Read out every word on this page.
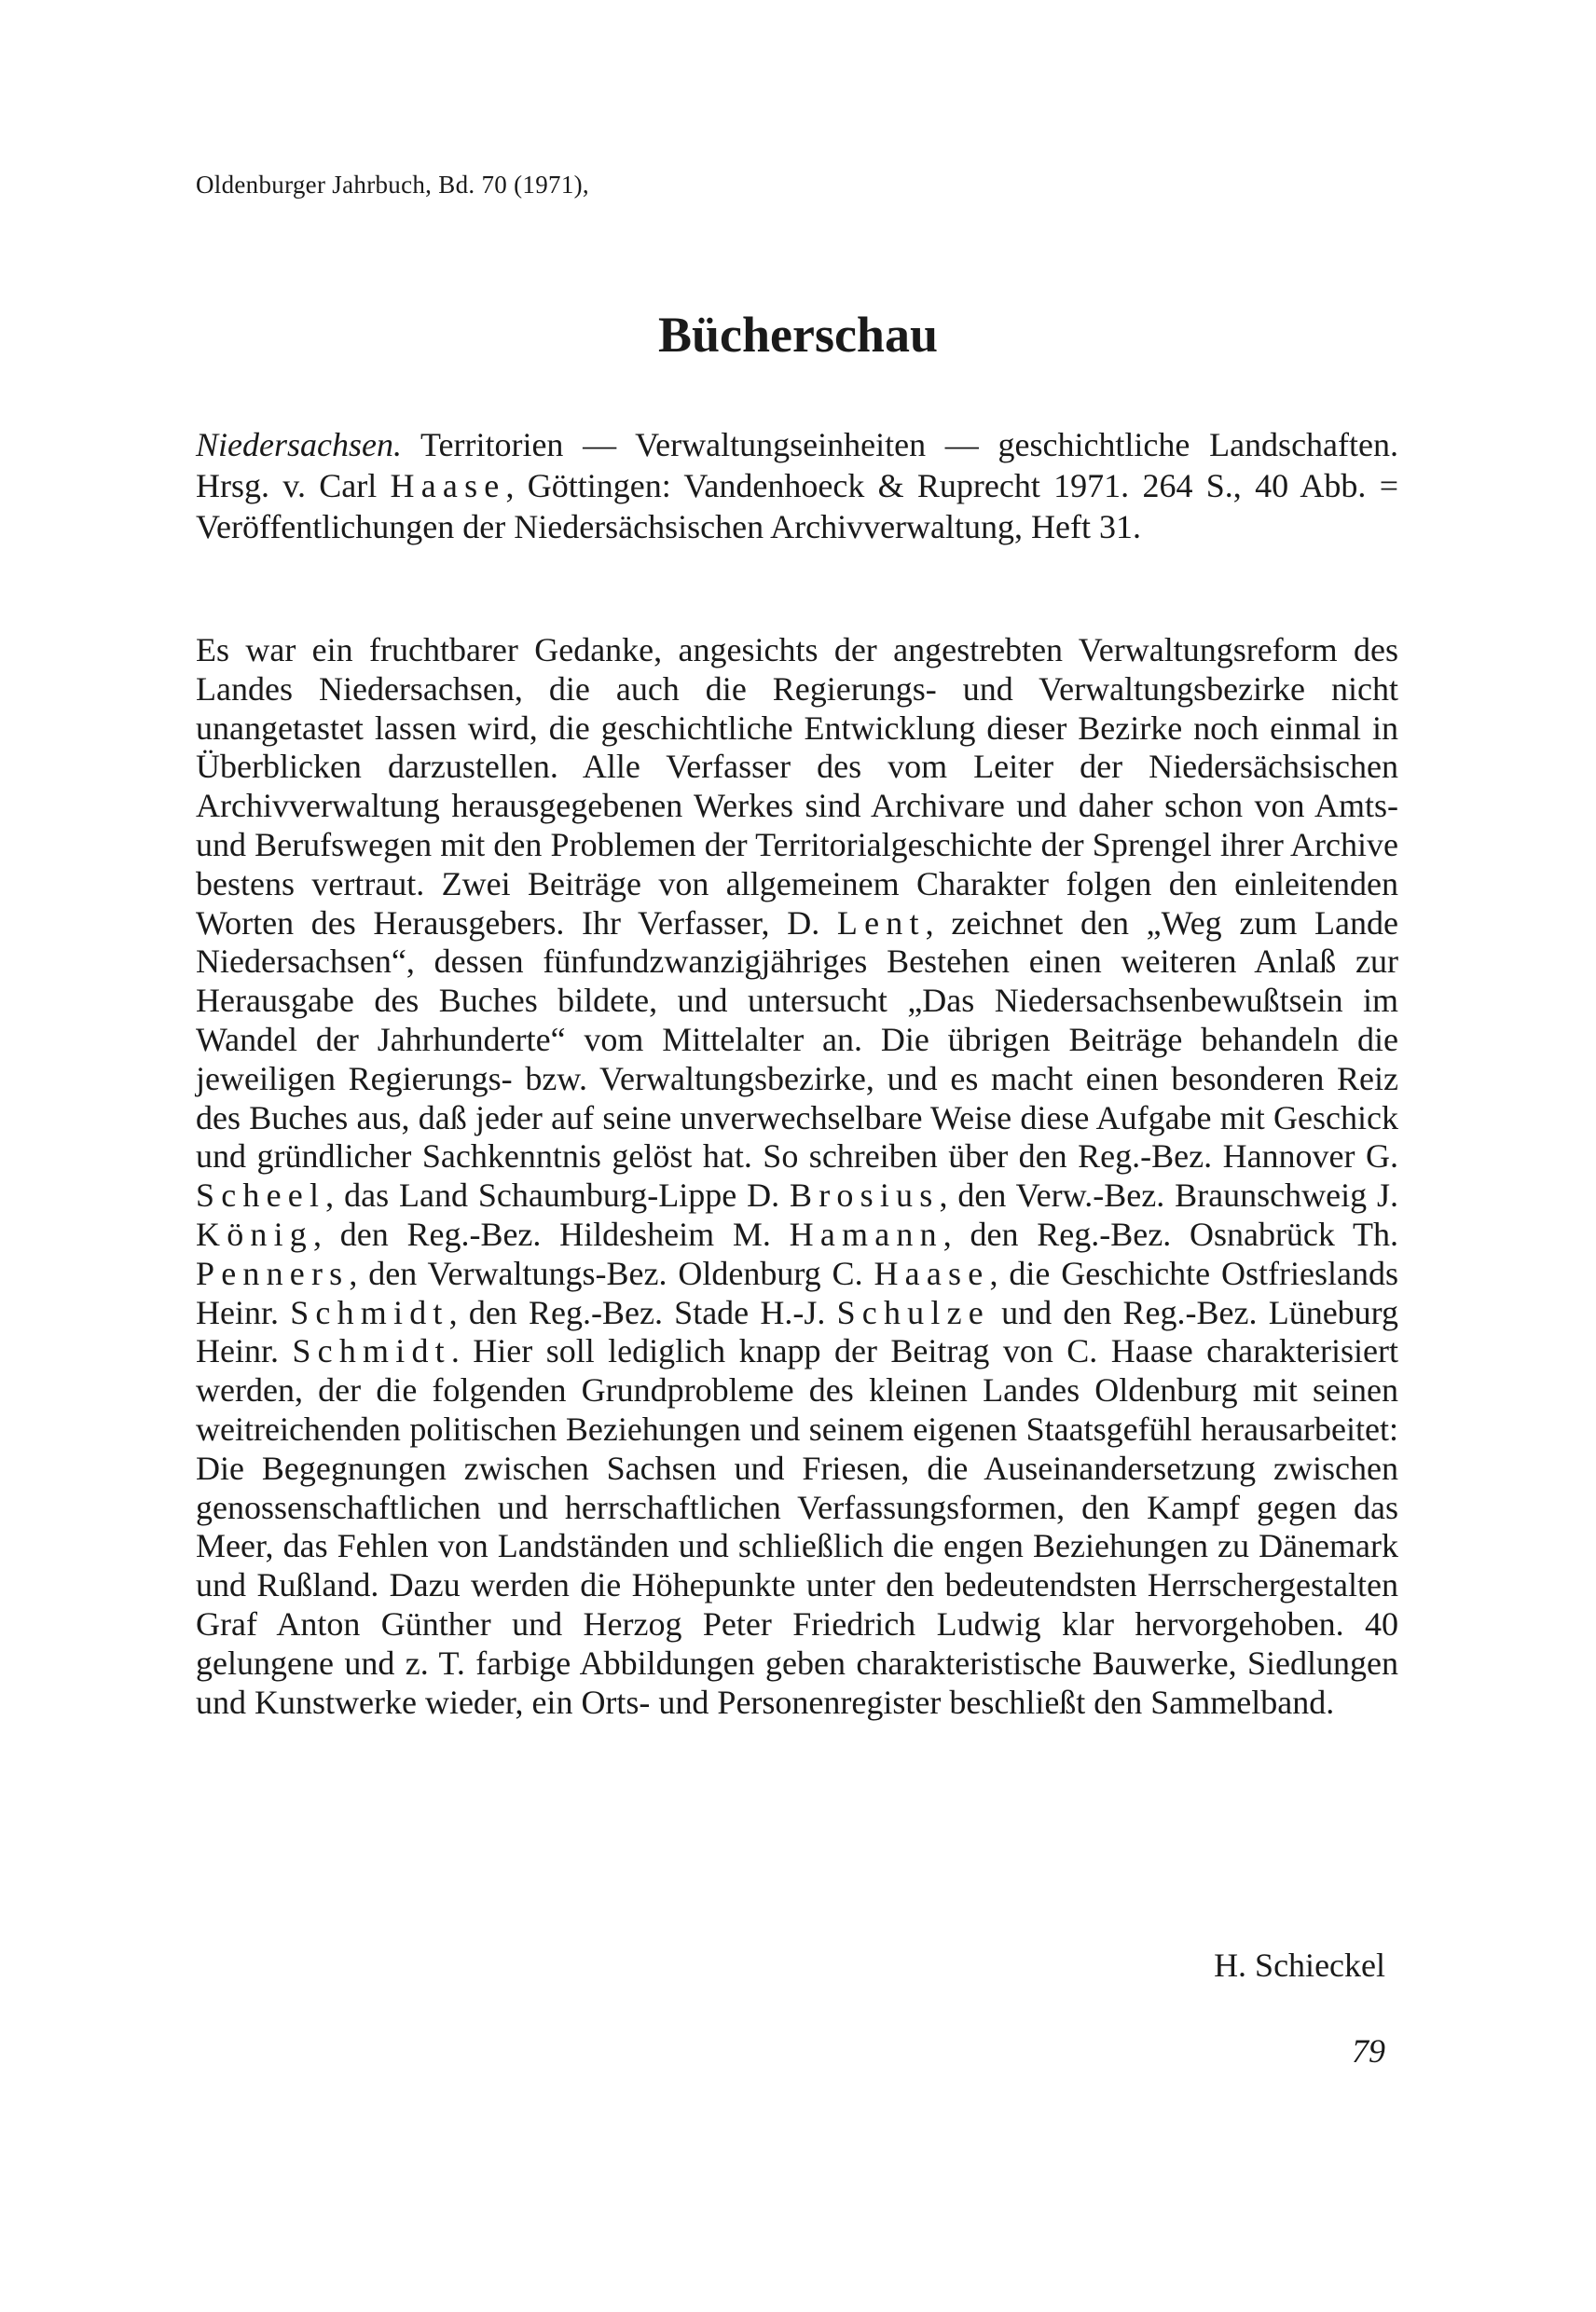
Oldenburger Jahrbuch, Bd. 70 (1971),
Bücherschau
Niedersachsen. Territorien — Verwaltungseinheiten — geschichtliche Landschaften. Hrsg. v. Carl Haase, Göttingen: Vandenhoeck & Ruprecht 1971. 264 S., 40 Abb. = Veröffentlichungen der Niedersächsischen Archivverwaltung, Heft 31.
Es war ein fruchtbarer Gedanke, angesichts der angestrebten Verwaltungsreform des Landes Niedersachsen, die auch die Regierungs- und Verwaltungsbezirke nicht unangetastet lassen wird, die geschichtliche Entwicklung dieser Bezirke noch einmal in Überblicken darzustellen. Alle Verfasser des vom Leiter der Niedersächsischen Archivverwaltung herausgegebenen Werkes sind Archivare und daher schon von Amts- und Berufswegen mit den Problemen der Territorialgeschichte der Sprengel ihrer Archive bestens vertraut. Zwei Beiträge von allgemeinem Charakter folgen den einleitenden Worten des Herausgebers. Ihr Verfasser, D. Lent, zeichnet den „Weg zum Lande Niedersachsen“, dessen fünfundzwanzigjähriges Bestehen einen weiteren Anlaß zur Herausgabe des Buches bildete, und untersucht „Das Niedersachsenbewußtsein im Wandel der Jahrhunderte“ vom Mittelalter an. Die übrigen Beiträge behandeln die jeweiligen Regierungs- bzw. Verwaltungsbezirke, und es macht einen besonderen Reiz des Buches aus, daß jeder auf seine unverwechselbare Weise diese Aufgabe mit Geschick und gründlicher Sachkenntnis gelöst hat. So schreiben über den Reg.-Bez. Hannover G. Scheel, das Land Schaumburg-Lippe D. Brosius, den Verw.-Bez. Braunschweig J. König, den Reg.-Bez. Hildesheim M. Hamann, den Reg.-Bez. Osnabrück Th. Penners, den Verwaltungs-Bez. Oldenburg C. Haase, die Geschichte Ostfrieslands Heinr. Schmidt, den Reg.-Bez. Stade H.-J. Schulze und den Reg.-Bez. Lüneburg Heinr. Schmidt. Hier soll lediglich knapp der Beitrag von C. Haase charakterisiert werden, der die folgenden Grundprobleme des kleinen Landes Oldenburg mit seinen weitreichenden politischen Beziehungen und seinem eigenen Staatsgefühl herausarbeitet: Die Begegnungen zwischen Sachsen und Friesen, die Auseinandersetzung zwischen genossenschaftlichen und herrschaftlichen Verfassungsformen, den Kampf gegen das Meer, das Fehlen von Landständen und schließlich die engen Beziehungen zu Dänemark und Rußland. Dazu werden die Höhepunkte unter den bedeutendsten Herrschergestalten Graf Anton Günther und Herzog Peter Friedrich Ludwig klar hervorgehoben. 40 gelungene und z. T. farbige Abbildungen geben charakteristische Bauwerke, Siedlungen und Kunstwerke wieder, ein Orts- und Personenregister beschließt den Sammelband.
H. Schieckel
79
